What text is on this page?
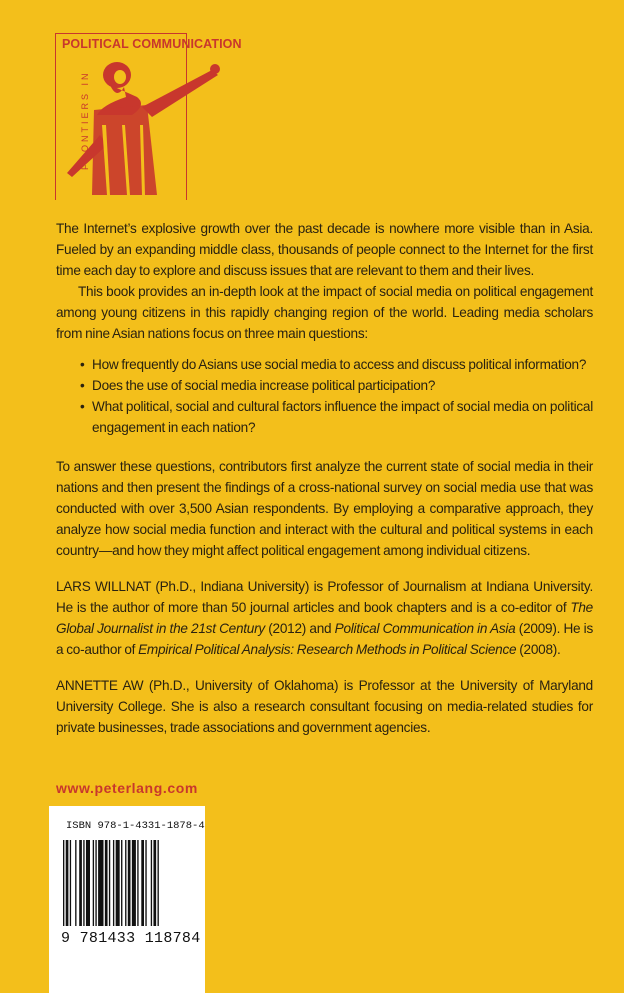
POLITICAL COMMUNICATION
FRONTIERS IN

The Internet’s explosive growth over the past decade is nowhere more visible than in Asia. Fueled by an expanding middle class, thousands of people connect to the Internet for the first time each day to explore and discuss issues that are relevant to them and their lives.

This book provides an in-depth look at the impact of social media on political engagement among young citizens in this rapidly changing region of the world. Leading media scholars from nine Asian nations focus on three main questions:

• How frequently do Asians use social media to access and discuss political information?
• Does the use of social media increase political participation?
• What political, social and cultural factors influence the impact of social media on political engagement in each nation?

To answer these questions, contributors first analyze the current state of social media in their nations and then present the findings of a cross-national survey on social media use that was conducted with over 3,500 Asian respondents. By employing a comparative approach, they analyze how social media function and interact with the cultural and political systems in each country—and how they might affect political engagement among individual citizens.

LARS WILLNAT (Ph.D., Indiana University) is Professor of Journalism at Indiana University. He is the author of more than 50 journal articles and book chapters and is a co-editor of The Global Journalist in the 21st Century (2012) and Political Communication in Asia (2009). He is a co-author of Empirical Political Analysis: Research Methods in Political Science (2008).

ANNETTE AW (Ph.D., University of Oklahoma) is Professor at the University of Maryland University College. She is also a research consultant focusing on media-related studies for private businesses, trade associations and government agencies.

www.peterlang.com
ISBN 978-1-4331-1878-4
9 781433 118784
